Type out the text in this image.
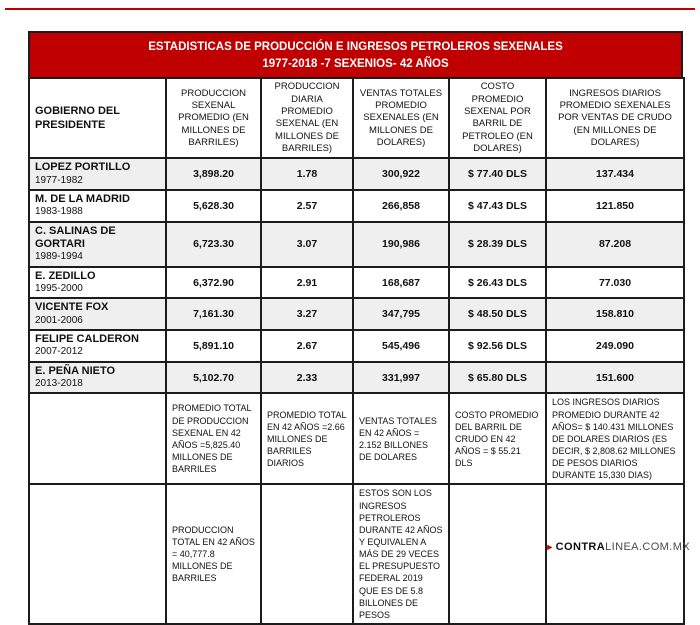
ESTADISTICAS DE PRODUCCIÓN E INGRESOS PETROLEROS SEXENALES
1977-2018 -7 SEXENIOS- 42 AÑOS
GOBIERNO DEL PRESIDENTE	PRODUCCION SEXENAL PROMEDIO (EN MILLONES DE BARRILES)	PRODUCCION DIARIA PROMEDIO SEXENAL (EN MILLONES DE BARRILES)	VENTAS TOTALES PROMEDIO SEXENALES (EN MILLONES DE DOLARES)	COSTO PROMEDIO SEXENAL POR BARRIL DE PETROLEO (EN DOLARES)	INGRESOS DIARIOS PROMEDIO SEXENALES POR VENTAS DE CRUDO (EN MILLONES DE DOLARES)

LOPEZ PORTILLO
1977-1982	3,898.20	1.78	300,922	$ 77.40 DLS	137.434

M. DE LA MADRID
1983-1988	5,628.30	2.57	266,858	$ 47.43 DLS	121.850

C. SALINAS DE GORTARI
1989-1994	6,723.30	3.07	190,986	$ 28.39 DLS	87.208

E. ZEDILLO
1995-2000	6,372.90	2.91	168,687	$ 26.43 DLS	77.030

VICENTE FOX
2001-2006	7,161.30	3.27	347,795	$ 48.50 DLS	158.810

FELIPE CALDERON
2007-2012	5,891.10	2.67	545,496	$ 92.56 DLS	249.090

E. PEÑA NIETO
2013-2018	5,102.70	2.33	331,997	$ 65.80 DLS	151.600
	PROMEDIO TOTAL DE PRODUCCION SEXENAL EN 42 AÑOS =5,825.40 MILLONES DE BARRILES	PROMEDIO TOTAL EN 42 AÑOS =2.66 MILLONES DE BARRILES DIARIOS	VENTAS TOTALES EN 42 AÑOS = 2.152 BILLONES DE DOLARES	COSTO PROMEDIO DEL BARRIL DE CRUDO EN 42 AÑOS = $ 55.21 DLS	LOS INGRESOS DIARIOS PROMEDIO DURANTE 42 AÑOS= $ 140.431 MILLONES DE DOLARES DIARIOS (ES DECIR, $ 2,808.62 MILLONES DE PESOS DIARIOS DURANTE 15,330 DIAS)
	PRODUCCION TOTAL EN 42 AÑOS = 40,777.8 MILLONES DE BARRILES		ESTOS SON LOS INGRESOS PETROLEROS DURANTE 42 AÑOS Y EQUIVALEN A MÁS DE 29 VECES EL PRESUPUESTO FEDERAL 2019 QUE ES DE 5.8 BILLONES DE PESOS		
►CONTRALINEA.COM.MX
